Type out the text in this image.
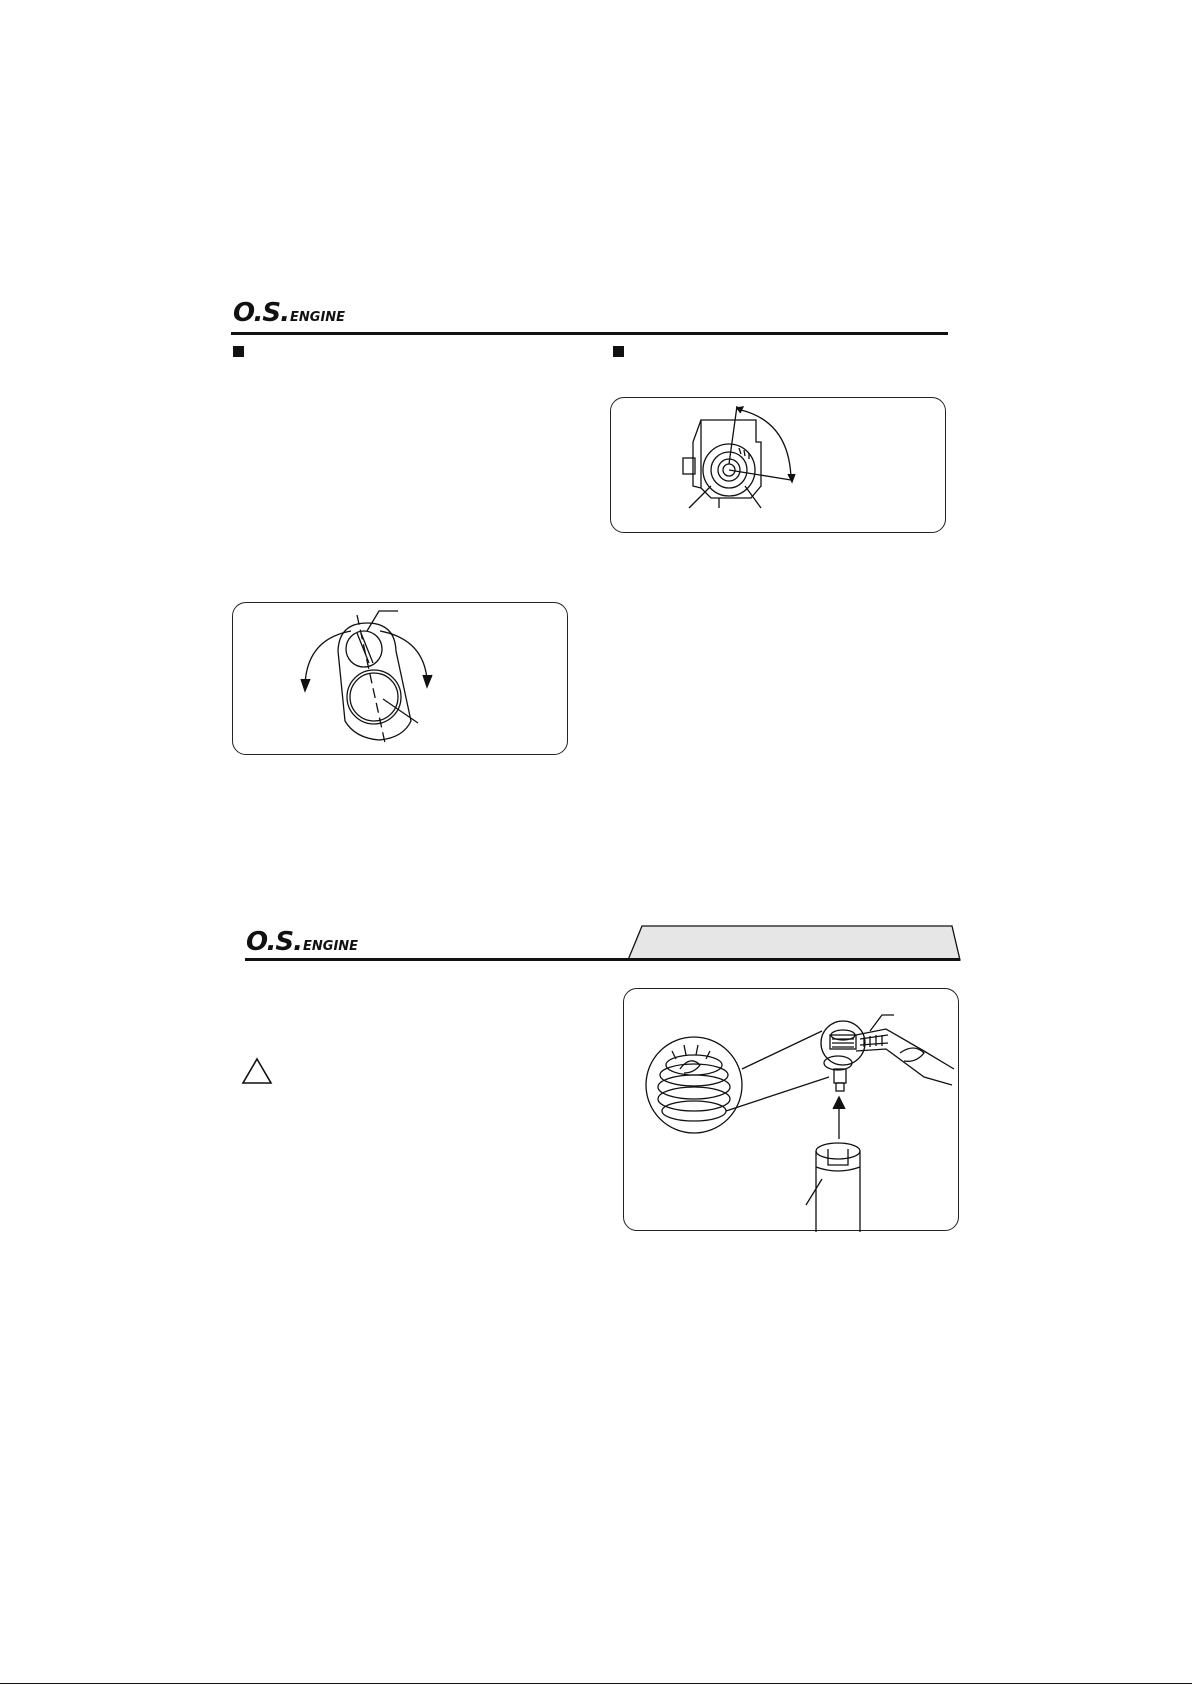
O.S.ENGINE
O.S.ENGINE
